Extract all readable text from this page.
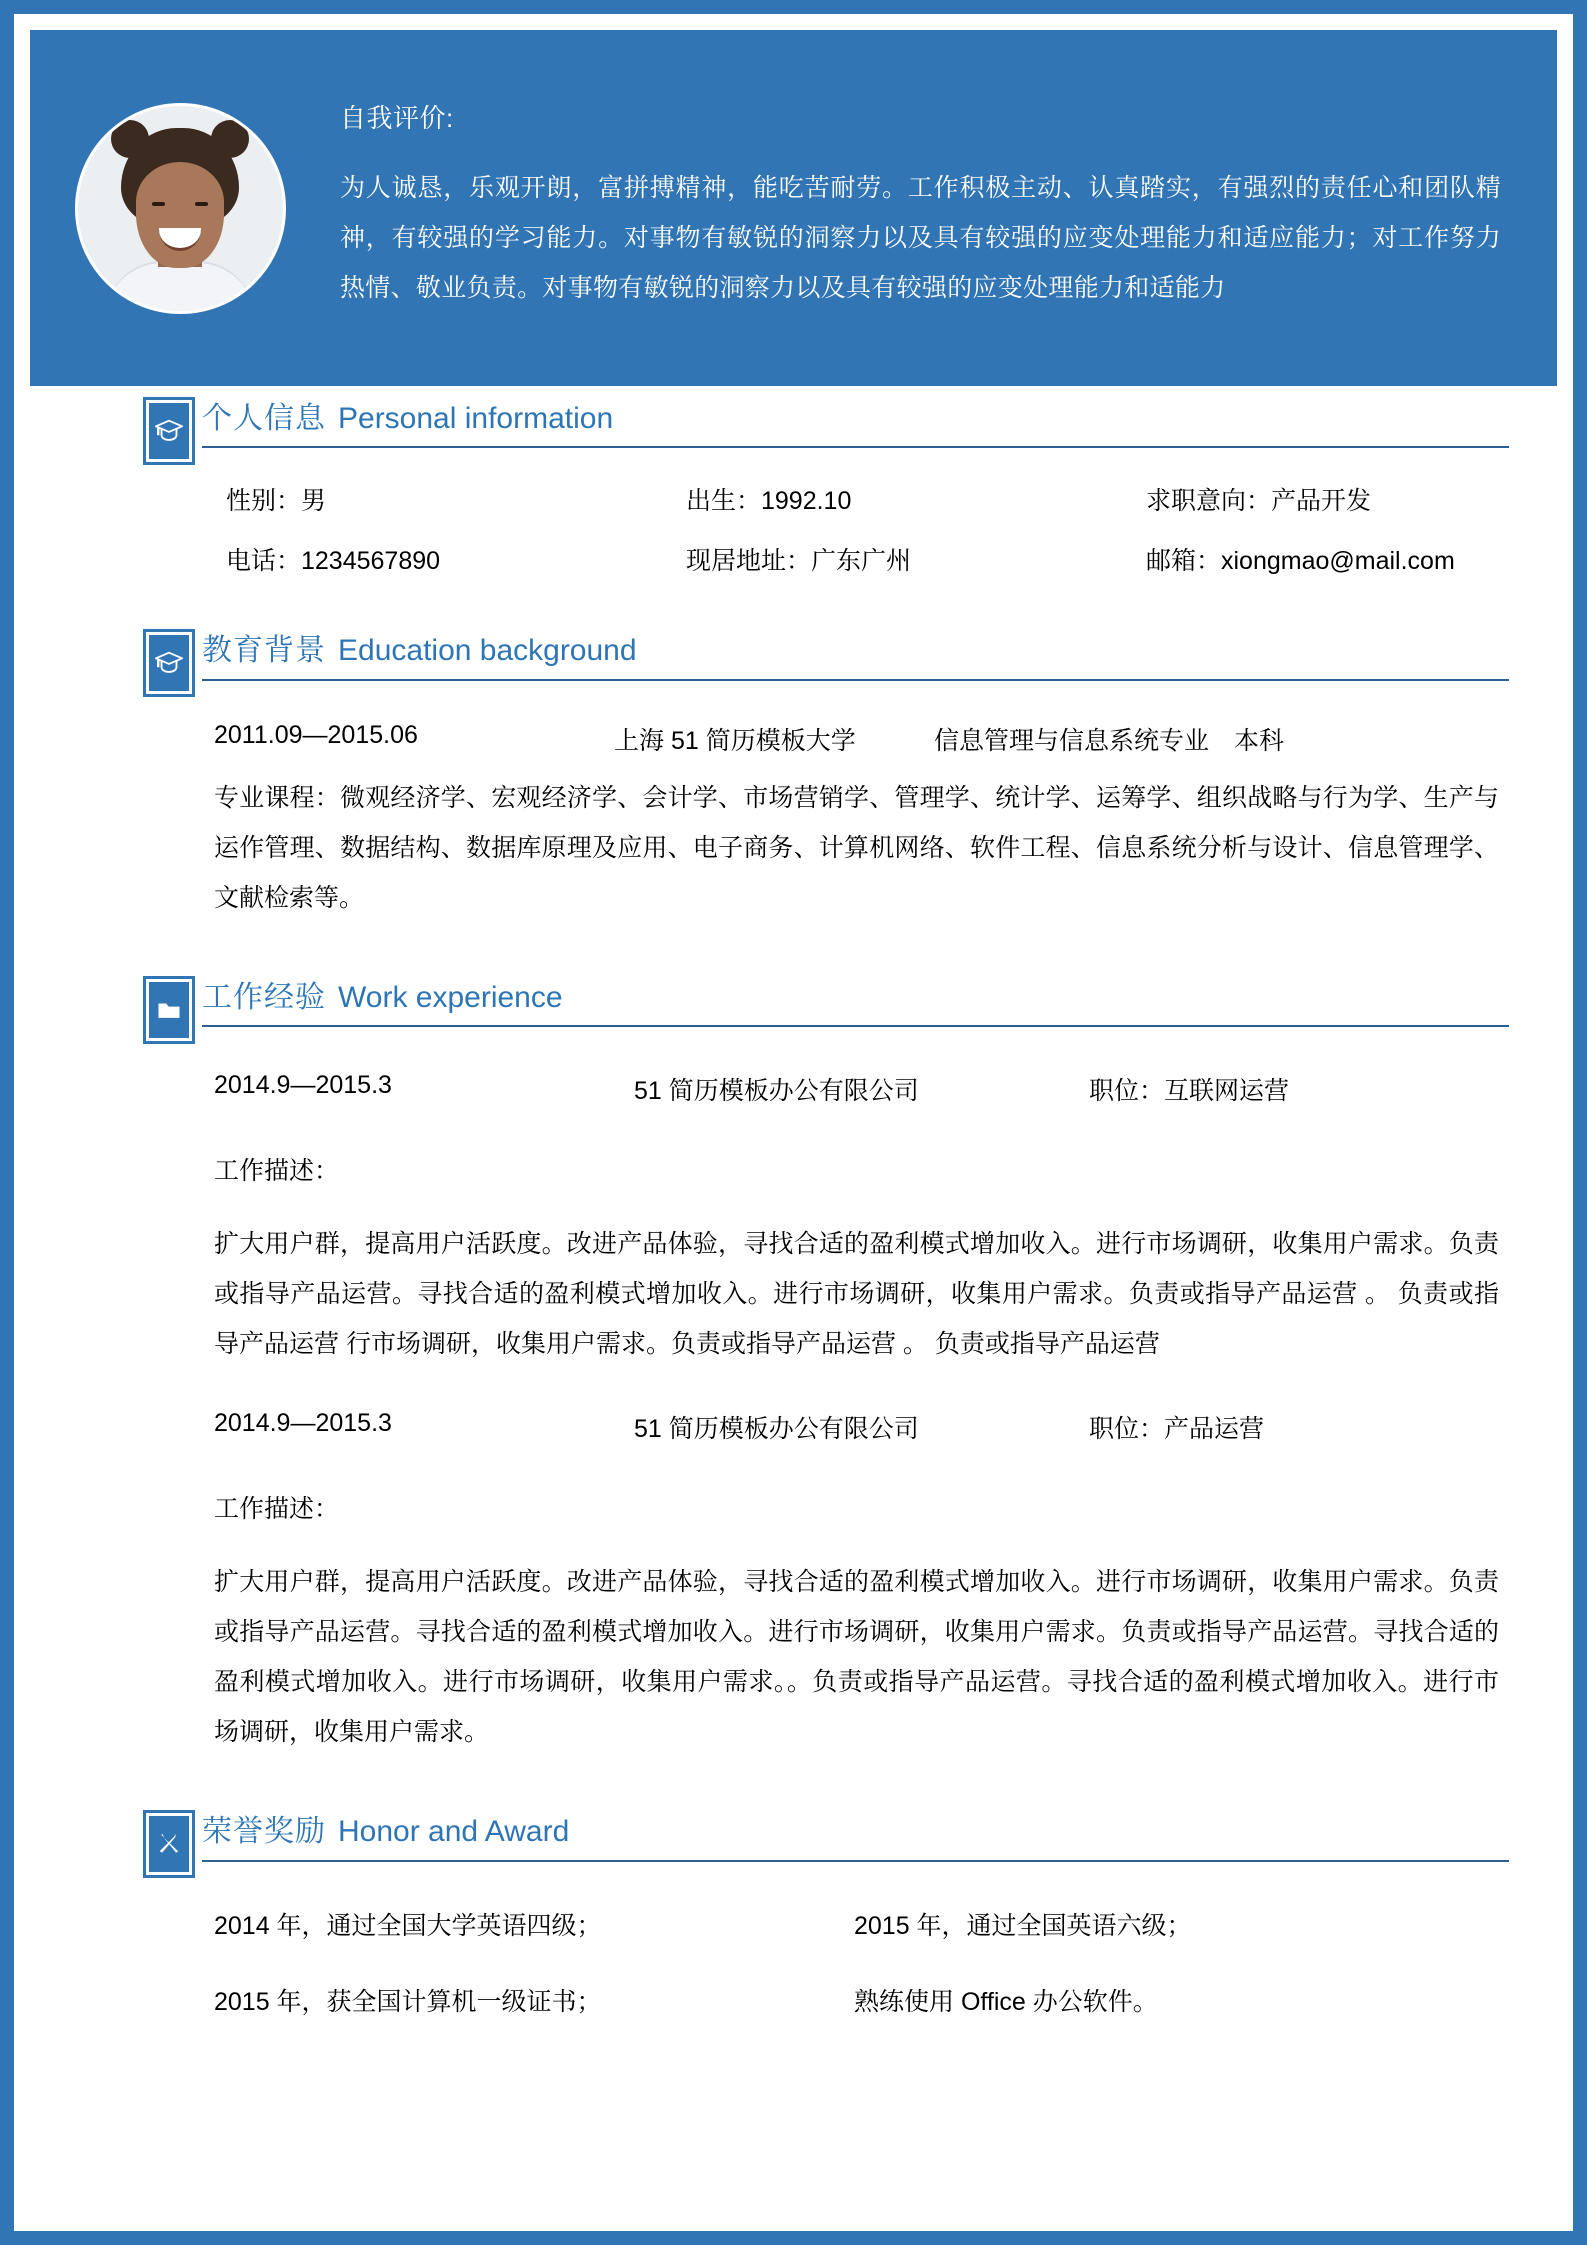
自我评价:
为人诚恳，乐观开朗，富拼搏精神，能吃苦耐劳。工作积极主动、认真踏实，有强烈的责任心和团队精神，有较强的学习能力。对事物有敏锐的洞察力以及具有较强的应变处理能力和适应能力；对工作努力热情、敬业负责。对事物有敏锐的洞察力以及具有较强的应变处理能力和适能力
个人信息 Personal information
性别：男	出生：1992.10	求职意向：产品开发
电话：1234567890	现居地址：广东广州	邮箱：xiongmao@mail.com
教育背景 Education background
2011.09—2015.06	上海 51 简历模板大学	信息管理与信息系统专业 本科
专业课程：微观经济学、宏观经济学、会计学、市场营销学、管理学、统计学、运筹学、组织战略与行为学、生产与运作管理、数据结构、数据库原理及应用、电子商务、计算机网络、软件工程、信息系统分析与设计、信息管理学、文献检索等。
工作经验 Work experience
2014.9—2015.3	51 简历模板办公有限公司	职位：互联网运营
工作描述：
扩大用户群，提高用户活跃度。改进产品体验，寻找合适的盈利模式增加收入。进行市场调研，收集用户需求。负责或指导产品运营。寻找合适的盈利模式增加收入。进行市场调研，收集用户需求。负责或指导产品运营 。 负责或指导产品运营 行市场调研，收集用户需求。负责或指导产品运营 。 负责或指导产品运营
2014.9—2015.3	51 简历模板办公有限公司	职位：产品运营
工作描述：
扩大用户群，提高用户活跃度。改进产品体验，寻找合适的盈利模式增加收入。进行市场调研，收集用户需求。负责或指导产品运营。寻找合适的盈利模式增加收入。进行市场调研，收集用户需求。负责或指导产品运营。寻找合适的盈利模式增加收入。进行市场调研，收集用户需求。。负责或指导产品运营。寻找合适的盈利模式增加收入。进行市场调研，收集用户需求。
荣誉奖励 Honor and Award
2014 年，通过全国大学英语四级；	2015 年，通过全国英语六级；
2015 年，获全国计算机一级证书；	熟练使用 Office 办公软件。
